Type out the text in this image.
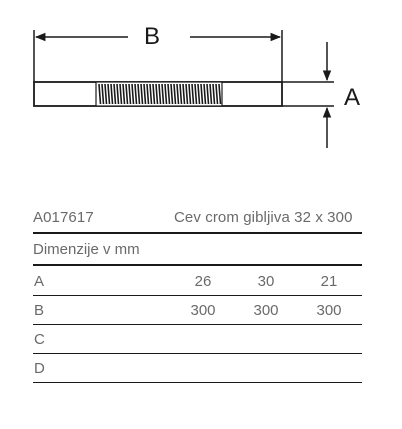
B
A
A017617	Cev crom gibljiva 32 x 300
Dimenzije v mm
A	26	30	21
B	300	300	300
C
D
